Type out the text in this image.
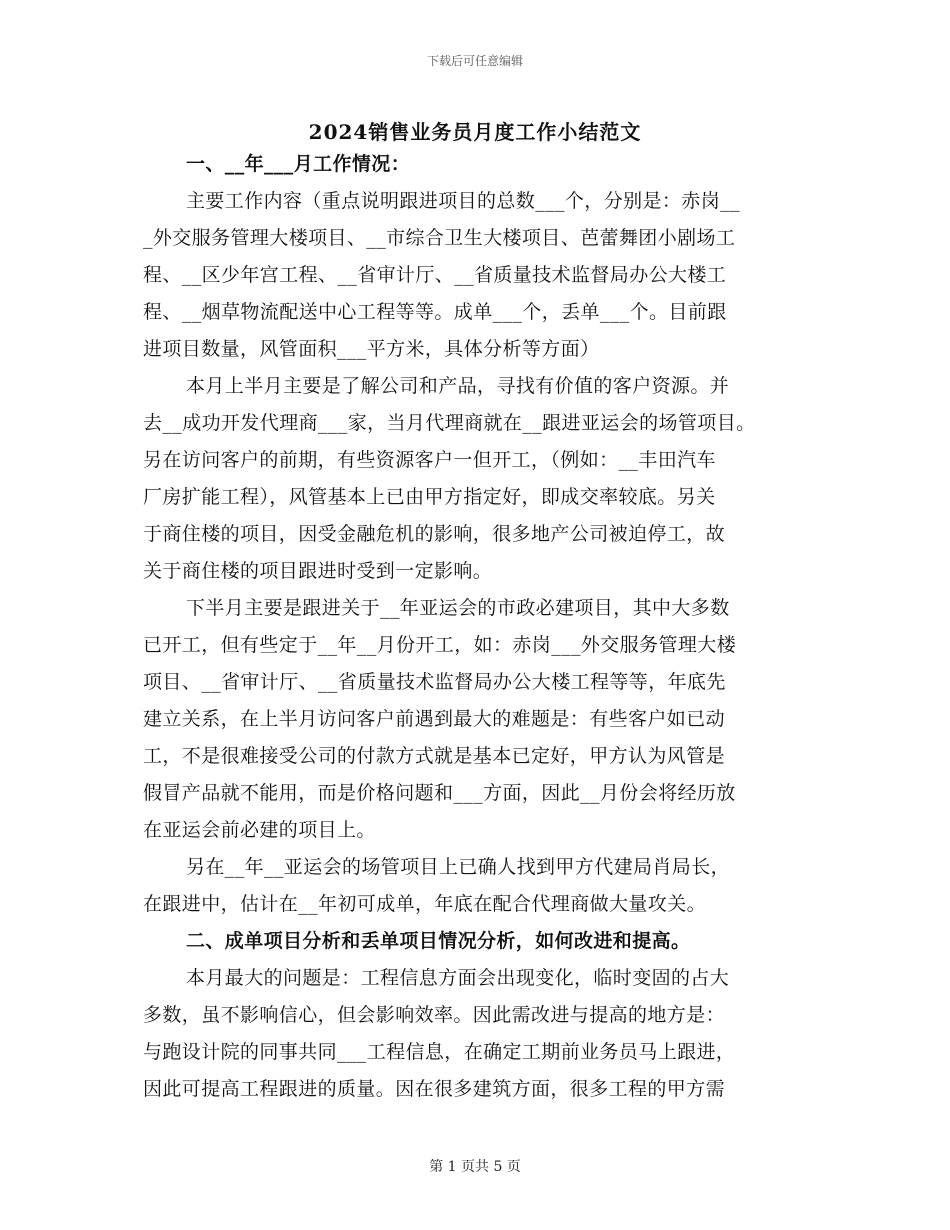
下载后可任意编辑
2024销售业务员月度工作小结范文
一、__年___月工作情况：
主要工作内容（重点说明跟进项目的总数___个，分别是：赤岗__
_外交服务管理大楼项目、__市综合卫生大楼项目、芭蕾舞团小剧场工
程、__区少年宫工程、__省审计厅、__省质量技术监督局办公大楼工
程、__烟草物流配送中心工程等等。成单___个，丢单___个。目前跟
进项目数量，风管面积___平方米，具体分析等方面）
本月上半月主要是了解公司和产品，寻找有价值的客户资源。并
去__成功开发代理商___家，当月代理商就在__跟进亚运会的场管项目。
另在访问客户的前期，有些资源客户一但开工，（例如：__丰田汽车
厂房扩能工程），风管基本上已由甲方指定好，即成交率较底。另关
于商住楼的项目，因受金融危机的影响，很多地产公司被迫停工，故
关于商住楼的项目跟进时受到一定影响。
下半月主要是跟进关于__年亚运会的市政必建项目，其中大多数
已开工，但有些定于__年__月份开工，如：赤岗___外交服务管理大楼
项目、__省审计厅、__省质量技术监督局办公大楼工程等等，年底先
建立关系，在上半月访问客户前遇到最大的难题是：有些客户如已动
工，不是很难接受公司的付款方式就是基本已定好，甲方认为风管是
假冒产品就不能用，而是价格问题和___方面，因此__月份会将经历放
在亚运会前必建的项目上。
另在__年__亚运会的场管项目上已确人找到甲方代建局肖局长，
在跟进中，估计在__年初可成单，年底在配合代理商做大量攻关。
二、成单项目分析和丢单项目情况分析，如何改进和提高。
本月最大的问题是：工程信息方面会出现变化，临时变固的占大
多数，虽不影响信心，但会影响效率。因此需改进与提高的地方是：
与跑设计院的同事共同___工程信息，在确定工期前业务员马上跟进，
因此可提高工程跟进的质量。因在很多建筑方面，很多工程的甲方需
第 1 页共 5 页
